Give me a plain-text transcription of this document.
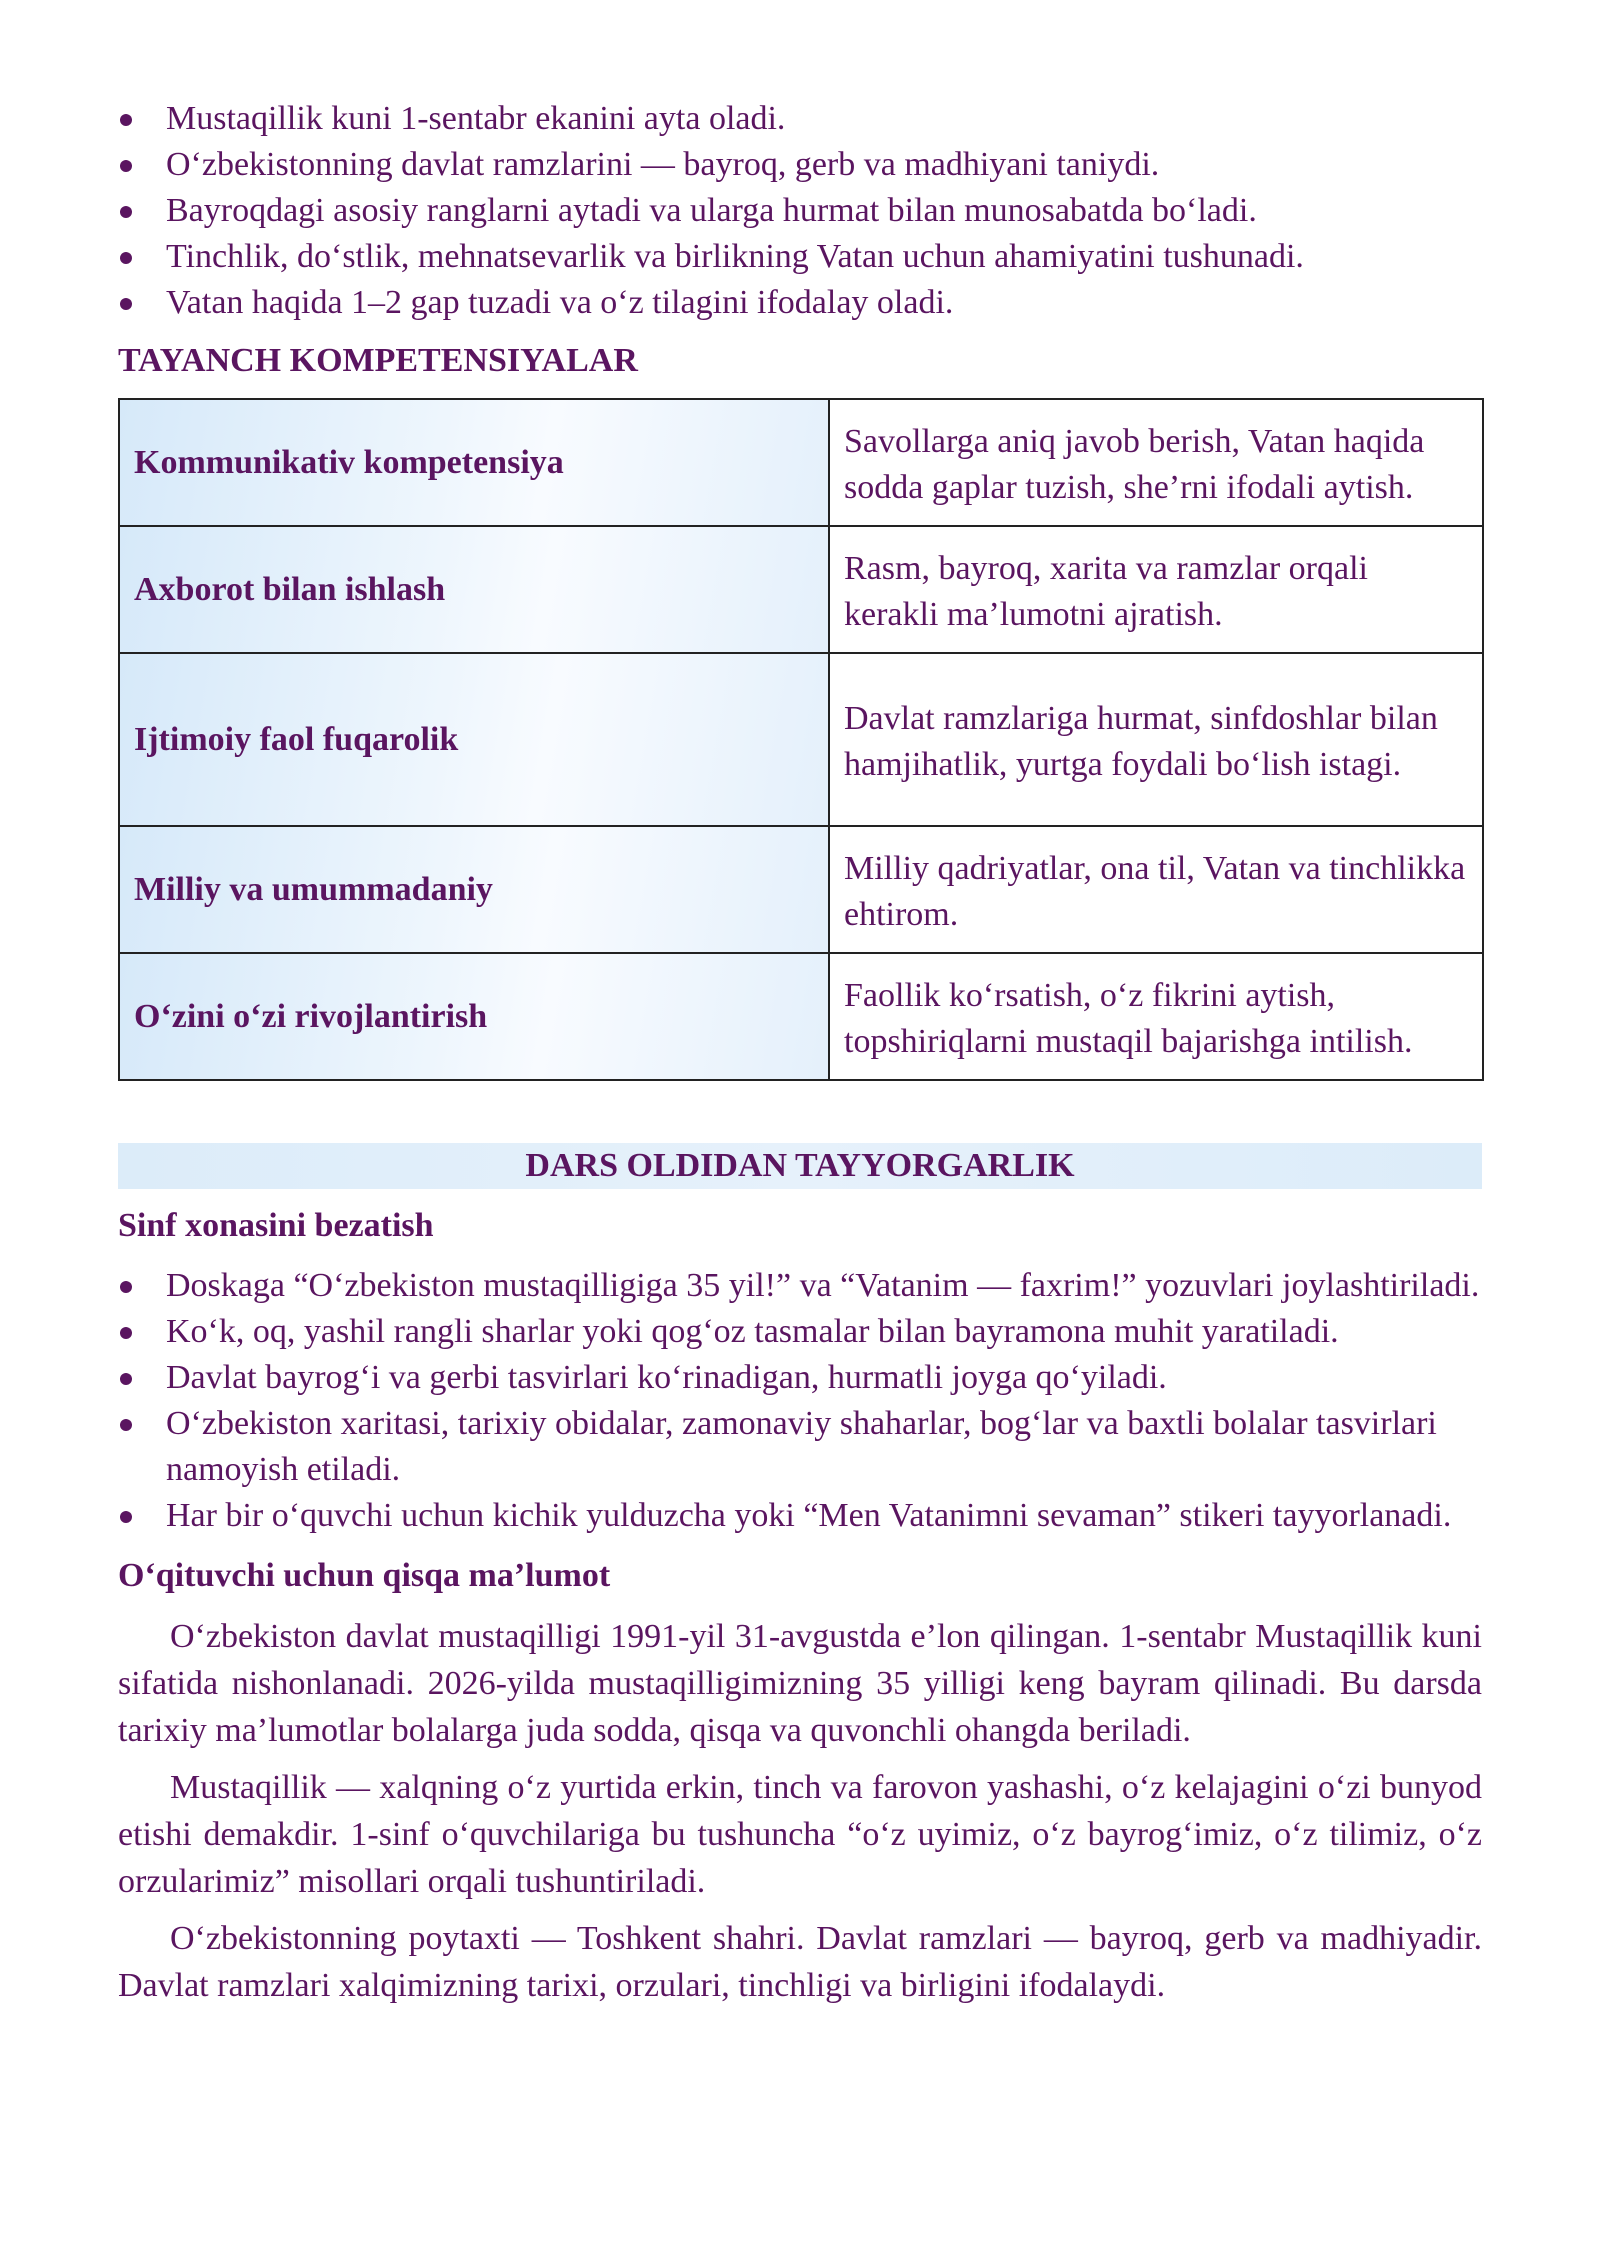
Mustaqillik kuni 1-sentabr ekanini ayta oladi.
O‘zbekistonning davlat ramzlarini — bayroq, gerb va madhiyani taniydi.
Bayroqdagi asosiy ranglarni aytadi va ularga hurmat bilan munosabatda bo‘ladi.
Tinchlik, do‘stlik, mehnatsevarlik va birlikning Vatan uchun ahamiyatini tushunadi.
Vatan haqida 1–2 gap tuzadi va o‘z tilagini ifodalay oladi.
TAYANCH KOMPETENSIYALAR
Kommunikativ kompetensiya	Savollarga aniq javob berish, Vatan haqida sodda gaplar tuzish, she’rni ifodali aytish.
Axborot bilan ishlash	Rasm, bayroq, xarita va ramzlar orqali kerakli ma’lumotni ajratish.
Ijtimoiy faol fuqarolik	Davlat ramzlariga hurmat, sinfdoshlar bilan hamjihatlik, yurtga foydali bo‘lish istagi.
Milliy va umummadaniy	Milliy qadriyatlar, ona til, Vatan va tinchlikka ehtirom.
O‘zini o‘zi rivojlantirish	Faollik ko‘rsatish, o‘z fikrini aytish, topshiriqlarni mustaqil bajarishga intilish.
DARS OLDIDAN TAYYORGARLIK
Sinf xonasini bezatish
Doskaga “O‘zbekiston mustaqilligiga 35 yil!” va “Vatanim — faxrim!” yozuvlari joylashtiriladi.
Ko‘k, oq, yashil rangli sharlar yoki qog‘oz tasmalar bilan bayramona muhit yaratiladi.
Davlat bayrog‘i va gerbi tasvirlari ko‘rinadigan, hurmatli joyga qo‘yiladi.
O‘zbekiston xaritasi, tarixiy obidalar, zamonaviy shaharlar, bog‘lar va baxtli bolalar tasvirlari namoyish etiladi.
Har bir o‘quvchi uchun kichik yulduzcha yoki “Men Vatanimni sevaman” stikeri tayyorlanadi.
O‘qituvchi uchun qisqa ma’lumot

O‘zbekiston davlat mustaqilligi 1991-yil 31-avgustda e’lon qilingan. 1-sentabr Mustaqillik kuni sifatida nishonlanadi. 2026-yilda mustaqilligimizning 35 yilligi keng bayram qilinadi. Bu darsda tarixiy ma’lumotlar bolalarga juda sodda, qisqa va quvonchli ohangda beriladi.

Mustaqillik — xalqning o‘z yurtida erkin, tinch va farovon yashashi, o‘z kelajagini o‘zi bunyod etishi demakdir. 1-sinf o‘quvchilariga bu tushuncha “o‘z uyimiz, o‘z bayrog‘imiz, o‘z tilimiz, o‘z orzularimiz” misollari orqali tushuntiriladi.

O‘zbekistonning poytaxti — Toshkent shahri. Davlat ramzlari — bayroq, gerb va madhiyadir. Davlat ramzlari xalqimizning tarixi, orzulari, tinchligi va birligini ifodalaydi.
